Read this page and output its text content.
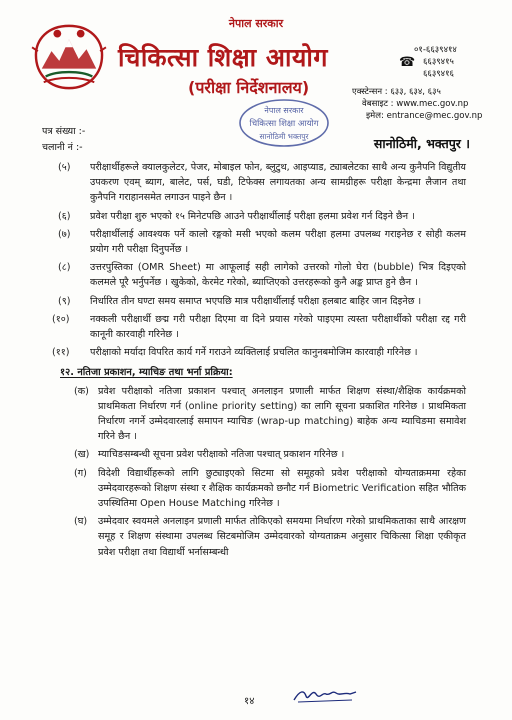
नेपाल सरकार
चिकित्सा शिक्षा आयोग
(परीक्षा निर्देशनालय)
☎
०१-६६३९४१४
६६३९४१५
६६३९४१६
एक्स्टेन्सन : ६३३, ६३४, ६३५
वेबसाइट : www.mec.gov.np
इमेल: entrance@mec.gov.np
नेपाल सरकार
चिकित्सा शिक्षा आयोग
सानोठिमी भक्तपुर
पत्र संख्या :-
चलानी नं :-	सानोठिमी, भक्तपुर ।
(५) परीक्षार्थीहरूले क्यालकुलेटर, पेजर, मोबाइल फोन, ब्लुटुथ, आइप्याड, ट्याबलेटका साथै अन्य कुनैपनि विद्युतीय उपकरण एवम् ब्याग, बालेट, पर्स, घडी, टिफेक्स लगायतका अन्य सामग्रीहरू परीक्षा केन्द्रमा लैजान तथा कुनैपनि गराहानसमेत लगाउन पाइने छैन ।
(६) प्रवेश परीक्षा शुरु भएको १५ मिनेटपछि आउने परीक्षार्थीलाई परीक्षा हलमा प्रवेश गर्न दिइने छैन ।
(७) परीक्षार्थीलाई आवश्यक पर्ने कालो रङ्गको मसी भएको कलम परीक्षा हलमा उपलब्ध गराइनेछ र सोही कलम प्रयोग गरी परीक्षा दिनुपर्नेछ ।
(८) उत्तरपुस्तिका (OMR Sheet) मा आफूलाई सही लागेको उत्तरको गोलो घेरा (bubble) भित्र दिइएको कलमले पूरै भर्नुपर्नेछ । खुकेको, केरमेट गरेको, ब्याप्तिएको उत्तरहरूको कुनै अङ्क प्राप्त हुने छैन ।
(९) निर्धारित तीन घण्टा समय समाप्त भएपछि मात्र परीक्षार्थीलाई परीक्षा हलबाट बाहिर जान दिइनेछ ।
(१०) नक्कली परीक्षार्थी छद्म गरी परीक्षा दिएमा वा दिने प्रयास गरेको पाइएमा त्यस्ता परीक्षार्थीको परीक्षा रद्द गरी कानूनी कारवाही गरिनेछ ।
(११) परीक्षाको मर्यादा विपरित कार्य गर्ने गराउने व्यक्तिलाई प्रचलित कानुनबमोजिम कारवाही गरिनेछ ।
१२. नतिजा प्रकाशन, म्याचिङ तथा भर्ना प्रक्रिया:
(क) प्रवेश परीक्षाको नतिजा प्रकाशन पश्चात् अनलाइन प्रणाली मार्फत शिक्षण संस्था/शैक्षिक कार्यक्रमको प्राथमिकता निर्धारण गर्न (online priority setting) का लागि सूचना प्रकाशित गरिनेछ । प्राथमिकता निर्धारण नगर्ने उम्मेदवारलाई समापन म्याचिङ (wrap-up matching) बाहेक अन्य म्याचिङमा समावेश गरिने छैन ।
(ख) म्याचिङसम्बन्धी सूचना प्रवेश परीक्षाको नतिजा पश्चात् प्रकाशन गरिनेछ ।
(ग) विदेशी विद्यार्थीहरूको लागि छुट्याइएको सिटमा सो समूहको प्रवेश परीक्षाको योग्यताक्रममा रहेका उम्मेदवारहरूको शिक्षण संस्था र शैक्षिक कार्यक्रमको छनौट गर्न Biometric Verification सहित भौतिक उपस्थितिमा Open House Matching गरिनेछ ।
(घ) उम्मेदवार स्वयमले अनलाइन प्रणाली मार्फत तोकिएको समयमा निर्धारण गरेको प्राथमिकताका साथै आरक्षण समूह र शिक्षण संस्थामा उपलब्ध सिटबमोजिम उम्मेदवारको योग्यताक्रम अनुसार चिकित्सा शिक्षा एकीकृत प्रवेश परीक्षा तथा विद्यार्थी भर्नासम्बन्धी
१४
